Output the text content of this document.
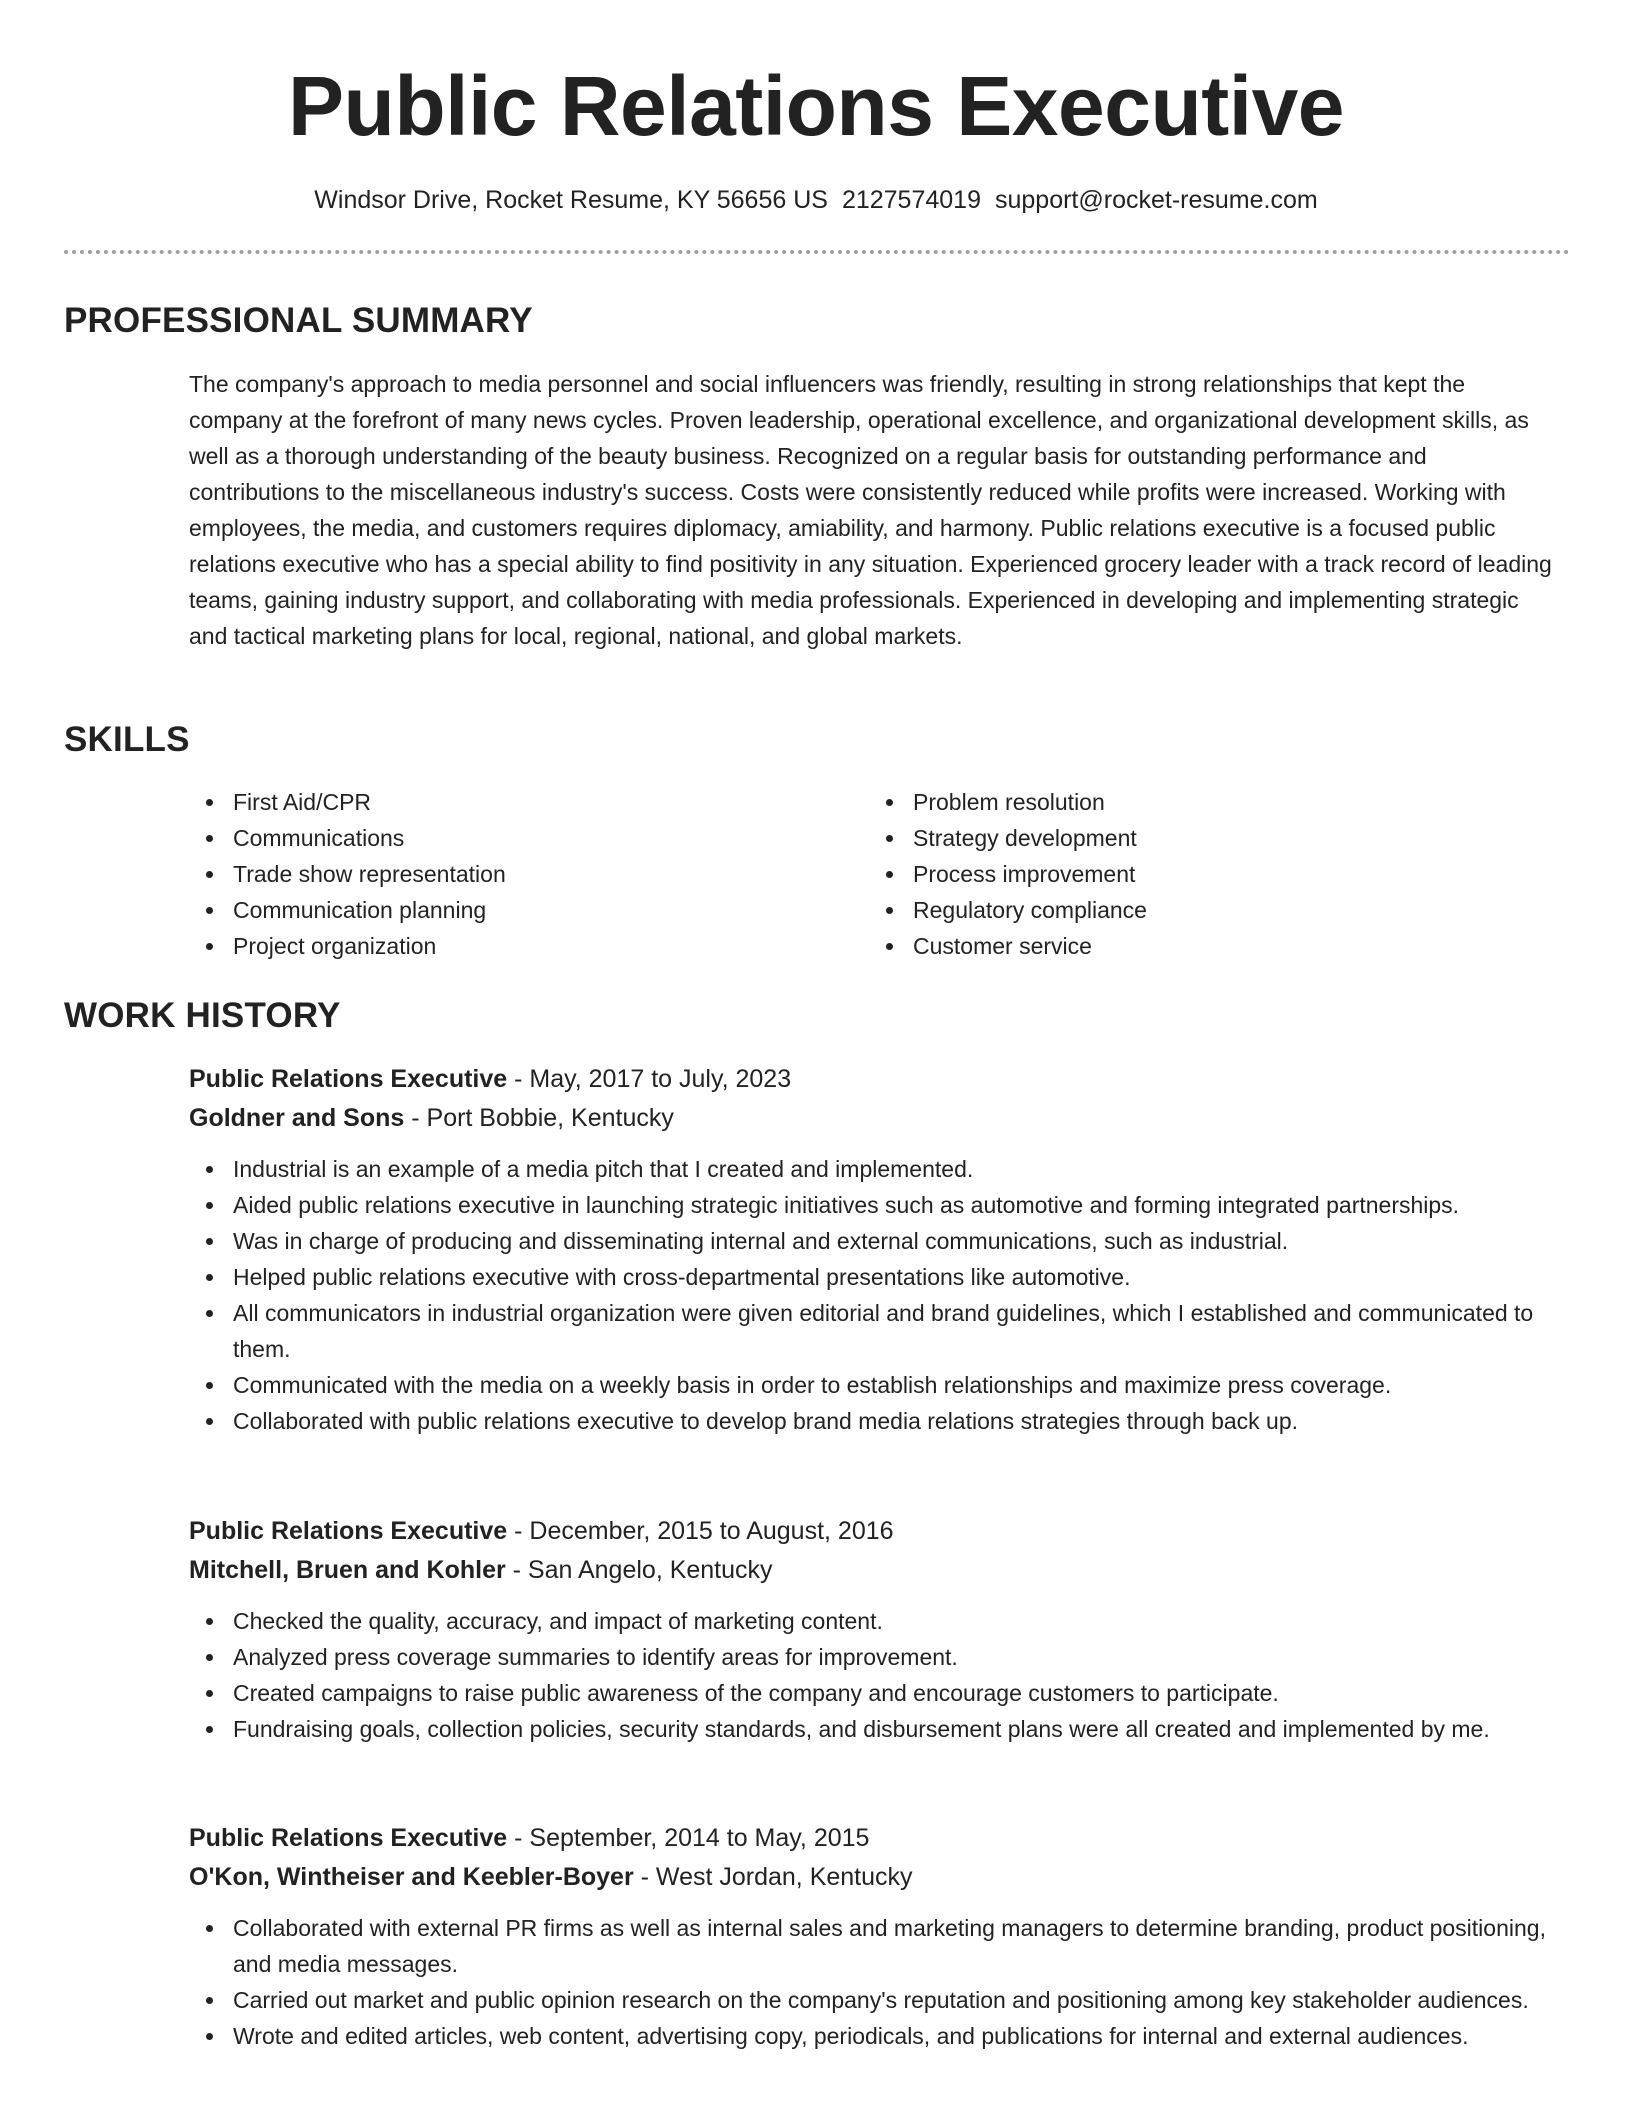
Public Relations Executive
Windsor Drive, Rocket Resume, KY 56656 US 2127574019 support@rocket-resume.com
PROFESSIONAL SUMMARY
The company's approach to media personnel and social influencers was friendly, resulting in strong relationships that kept the company at the forefront of many news cycles. Proven leadership, operational excellence, and organizational development skills, as well as a thorough understanding of the beauty business. Recognized on a regular basis for outstanding performance and contributions to the miscellaneous industry's success. Costs were consistently reduced while profits were increased. Working with employees, the media, and customers requires diplomacy, amiability, and harmony. Public relations executive is a focused public relations executive who has a special ability to find positivity in any situation. Experienced grocery leader with a track record of leading teams, gaining industry support, and collaborating with media professionals. Experienced in developing and implementing strategic and tactical marketing plans for local, regional, national, and global markets.
SKILLS
First Aid/CPR
Communications
Trade show representation
Communication planning
Project organization
Problem resolution
Strategy development
Process improvement
Regulatory compliance
Customer service
WORK HISTORY
Public Relations Executive - May, 2017 to July, 2023
Goldner and Sons - Port Bobbie, Kentucky
Industrial is an example of a media pitch that I created and implemented.
Aided public relations executive in launching strategic initiatives such as automotive and forming integrated partnerships.
Was in charge of producing and disseminating internal and external communications, such as industrial.
Helped public relations executive with cross-departmental presentations like automotive.
All communicators in industrial organization were given editorial and brand guidelines, which I established and communicated to them.
Communicated with the media on a weekly basis in order to establish relationships and maximize press coverage.
Collaborated with public relations executive to develop brand media relations strategies through back up.
Public Relations Executive - December, 2015 to August, 2016
Mitchell, Bruen and Kohler - San Angelo, Kentucky
Checked the quality, accuracy, and impact of marketing content.
Analyzed press coverage summaries to identify areas for improvement.
Created campaigns to raise public awareness of the company and encourage customers to participate.
Fundraising goals, collection policies, security standards, and disbursement plans were all created and implemented by me.
Public Relations Executive - September, 2014 to May, 2015
O'Kon, Wintheiser and Keebler-Boyer - West Jordan, Kentucky
Collaborated with external PR firms as well as internal sales and marketing managers to determine branding, product positioning, and media messages.
Carried out market and public opinion research on the company's reputation and positioning among key stakeholder audiences.
Wrote and edited articles, web content, advertising copy, periodicals, and publications for internal and external audiences.
